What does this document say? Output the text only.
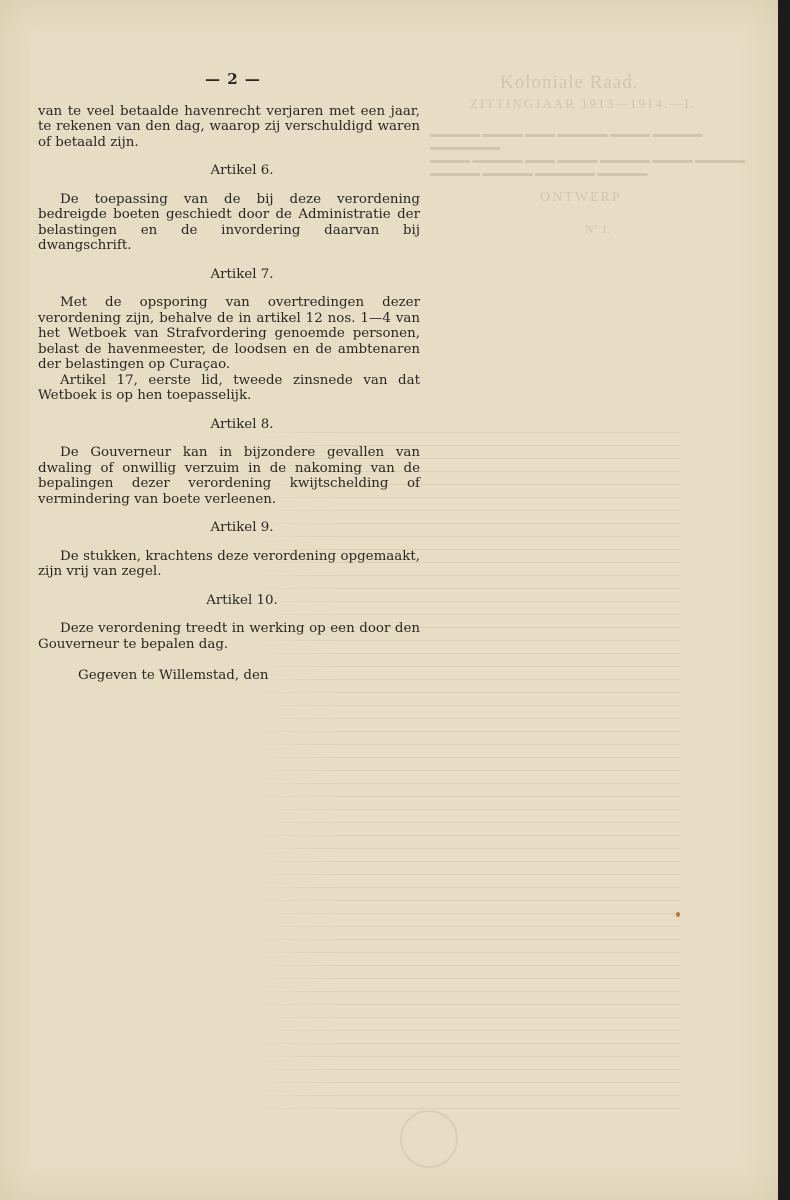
Koloniale Raad.
ZITTINGJAAR 1913—1914.—I.
▬▬▬▬▬ ▬▬▬▬ ▬▬▬ ▬▬▬▬▬ ▬▬▬▬ ▬▬▬▬▬ ▬▬▬▬▬▬▬
▬▬▬▬ ▬▬▬▬▬ ▬▬▬ ▬▬▬▬ ▬▬▬▬▬ ▬▬▬▬ ▬▬▬▬▬
▬▬▬▬▬ ▬▬▬▬▬ ▬▬▬▬▬▬ ▬▬▬▬▬
ONTWERP
N° 1.
— 2 —

van te veel betaalde havenrecht verjaren met een jaar, te rekenen van den dag, waarop zij verschuldigd waren of betaald zijn.

Artikel 6.

De toepassing van de bij deze verordening bedreigde boeten geschiedt door de Administratie der belastingen en de invordering daarvan bij dwangschrift.

Artikel 7.

Met de opsporing van overtredingen dezer verordening zijn, behalve de in artikel 12 nos. 1—4 van het Wetboek van Strafvordering genoemde personen, belast de havenmeester, de loodsen en de ambtenaren der belastingen op Curaçao.

Artikel 17, eerste lid, tweede zinsnede van dat Wetboek is op hen toepasselijk.

Artikel 8.

De Gouverneur kan in bijzondere gevallen van dwaling of onwillig verzuim in de nakoming van de bepalingen dezer verordening kwijtschelding of vermindering van boete verleenen.

Artikel 9.

De stukken, krachtens deze verordening opgemaakt, zijn vrij van zegel.

Artikel 10.

Deze verordening treedt in werking op een door den Gouverneur te bepalen dag.

Gegeven te Willemstad, den
